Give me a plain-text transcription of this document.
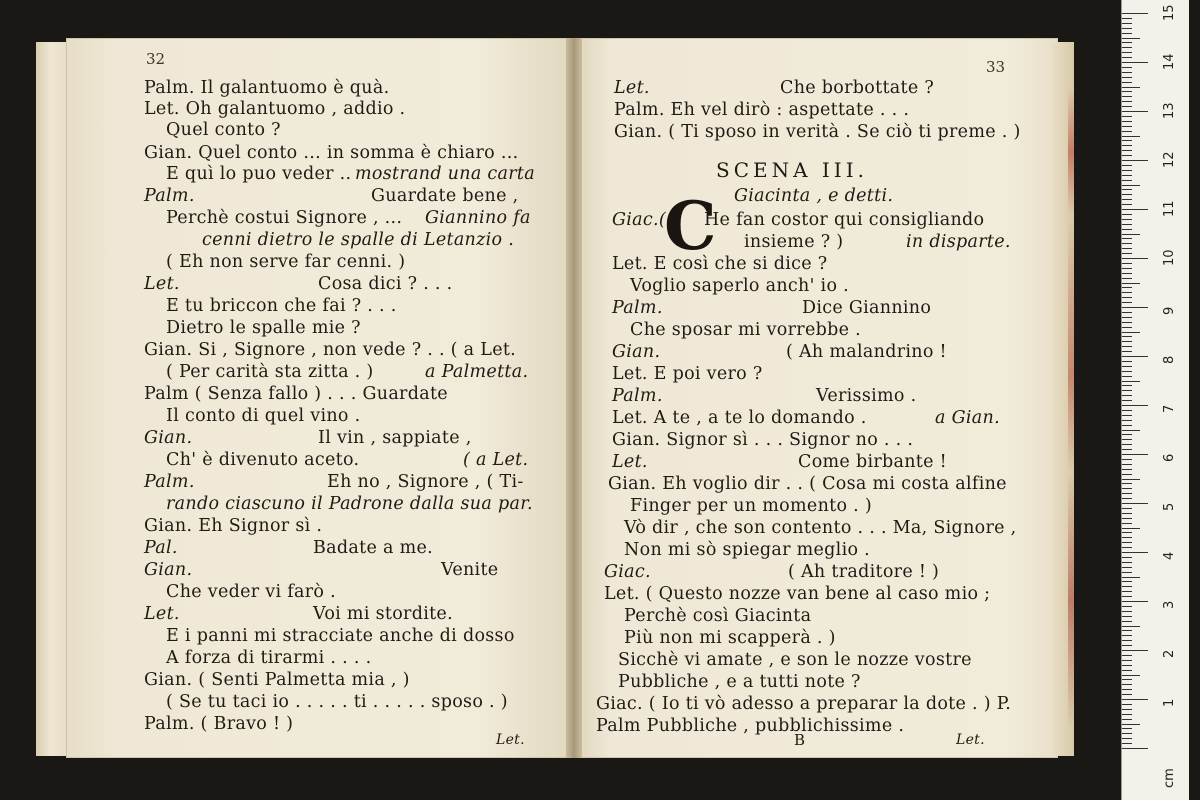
Palm. Il galantuomo è quà.
Let. Oh galantuomo , addio .
Quel conto ?
Gian. Quel conto ... in somma è chiaro ...
E quì lo puo veder .. mostrand una carta
Palm.	Guardate bene ,
Perchè costui Signore , ... Giannino fa
cenni dietro le spalle di Letanzio .
( Eh non serve far cenni. )
Let.	Cosa dici ? . . .
E tu briccon che fai ? . . .
Dietro le spalle mie ?
Gian. Si , Signore , non vede ? . . ( a Let.
( Per carità sta zitta . )	a Palmetta.
Palm ( Senza fallo ) . . . Guardate
Il conto di quel vino .
Gian.	Il vin , sappiate ,
Ch' è divenuto aceto.	( a Let.
Palm.	Eh no , Signore , ( Ti-
rando ciascuno il Padrone dalla sua par.
Gian. Eh Signor sì .
Pal.	Badate a me.
Gian.	Venite
Che veder vi farò .
Let.	Voi mi stordite.
E i panni mi stracciate anche di dosso
A forza di tirarmi . . . .
Gian. ( Senti Palmetta mia , )
( Se tu taci io . . . . . ti . . . . . sposo . )
Palm. ( Bravo ! )
32
Let.
Let.	Che borbottate ?
Palm. Eh vel dirò : aspettate . . .
Gian. ( Ti sposo in verità . Se ciò ti preme . )
He fan costor qui consigliando
insieme ? )	in disparte.
Let. E così che si dice ?
Voglio saperlo anch' io .
Palm.	Dice Giannino
Che sposar mi vorrebbe .
Gian.	( Ah malandrino !
Let. E poi vero ?
Palm.	Verissimo .
Let. A te , a te lo domando .	a Gian.
Gian. Signor sì . . . Signor no . . .
Let.	Come birbante !
Gian. Eh voglio dir . . ( Cosa mi costa alfine
Finger per un momento . )
Vò dir , che son contento . . . Ma, Signore ,
Non mi sò spiegar meglio .
Giac.	( Ah traditore ! )
Let. ( Questo nozze van bene al caso mio ;
Perchè così Giacinta
Più non mi scapperà . )
Sicchè vi amate , e son le nozze vostre
Pubbliche , e a tutti note ?
Giac. ( Io ti vò adesso a preparar la dote . ) P.
Palm Pubbliche , pubblichissime .
33
SCENA III.
Giacinta , e detti.
Giac.(
C
B	Let.
1
2
3
4
5
6
7
8
9
10
11
12
13
14
15
cm
